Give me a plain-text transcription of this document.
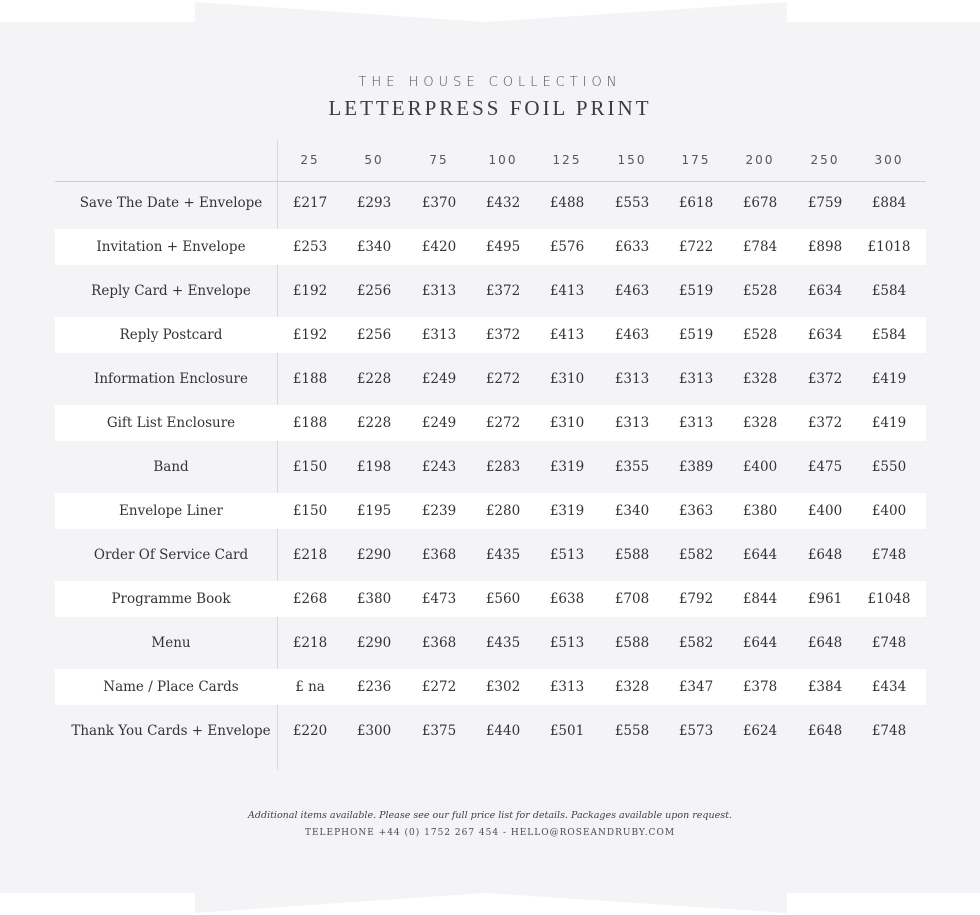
THE HOUSE COLLECTION
LETTERPRESS FOIL PRINT
25	50	75	100	125	150	175	200	250	300
Save The Date + Envelope	£217	£293	£370	£432	£488	£553	£618	£678	£759	£884
Invitation + Envelope	£253	£340	£420	£495	£576	£633	£722	£784	£898	£1018
Reply Card + Envelope	£192	£256	£313	£372	£413	£463	£519	£528	£634	£584
Reply Postcard	£192	£256	£313	£372	£413	£463	£519	£528	£634	£584
Information Enclosure	£188	£228	£249	£272	£310	£313	£313	£328	£372	£419
Gift List Enclosure	£188	£228	£249	£272	£310	£313	£313	£328	£372	£419
Band	£150	£198	£243	£283	£319	£355	£389	£400	£475	£550
Envelope Liner	£150	£195	£239	£280	£319	£340	£363	£380	£400	£400
Order Of Service Card	£218	£290	£368	£435	£513	£588	£582	£644	£648	£748
Programme Book	£268	£380	£473	£560	£638	£708	£792	£844	£961	£1048
Menu	£218	£290	£368	£435	£513	£588	£582	£644	£648	£748
Name / Place Cards	£ na	£236	£272	£302	£313	£328	£347	£378	£384	£434
Thank You Cards + Envelope	£220	£300	£375	£440	£501	£558	£573	£624	£648	£748
Additional items available. Please see our full price list for details. Packages available upon request.
TELEPHONE +44 (0) 1752 267 454 - HELLO@ROSEANDRUBY.COM
